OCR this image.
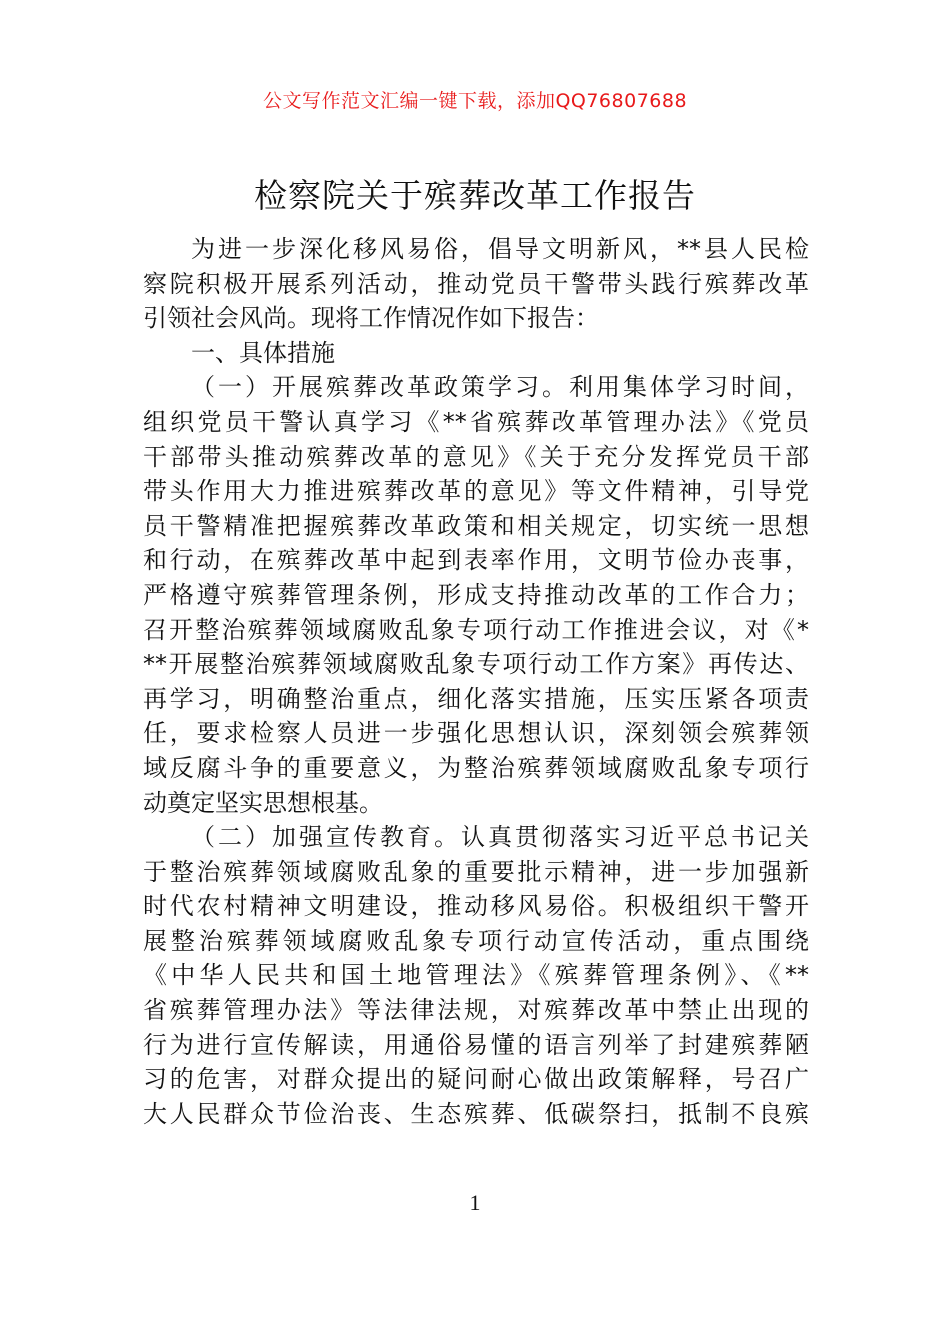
公文写作范文汇编一键下载，添加QQ76807688
检察院关于殡葬改革工作报告
为进一步深化移风易俗，倡导文明新风，**县人民检
察院积极开展系列活动，推动党员干警带头践行殡葬改革
引领社会风尚。现将工作情况作如下报告：
一、具体措施
（一）开展殡葬改革政策学习。利用集体学习时间，
组织党员干警认真学习《**省殡葬改革管理办法》《党员
干部带头推动殡葬改革的意见》《关于充分发挥党员干部
带头作用大力推进殡葬改革的意见》等文件精神，引导党
员干警精准把握殡葬改革政策和相关规定，切实统一思想
和行动，在殡葬改革中起到表率作用，文明节俭办丧事，
严格遵守殡葬管理条例，形成支持推动改革的工作合力；
召开整治殡葬领域腐败乱象专项行动工作推进会议，对《*
**开展整治殡葬领域腐败乱象专项行动工作方案》再传达、
再学习，明确整治重点，细化落实措施，压实压紧各项责
任，要求检察人员进一步强化思想认识，深刻领会殡葬领
域反腐斗争的重要意义，为整治殡葬领域腐败乱象专项行
动奠定坚实思想根基。
（二）加强宣传教育。认真贯彻落实习近平总书记关
于整治殡葬领域腐败乱象的重要批示精神，进一步加强新
时代农村精神文明建设，推动移风易俗。积极组织干警开
展整治殡葬领域腐败乱象专项行动宣传活动，重点围绕
《中华人民共和国土地管理法》《殡葬管理条例》、《**
省殡葬管理办法》等法律法规，对殡葬改革中禁止出现的
行为进行宣传解读，用通俗易懂的语言列举了封建殡葬陋
习的危害，对群众提出的疑问耐心做出政策解释，号召广
大人民群众节俭治丧、生态殡葬、低碳祭扫，抵制不良殡
1
